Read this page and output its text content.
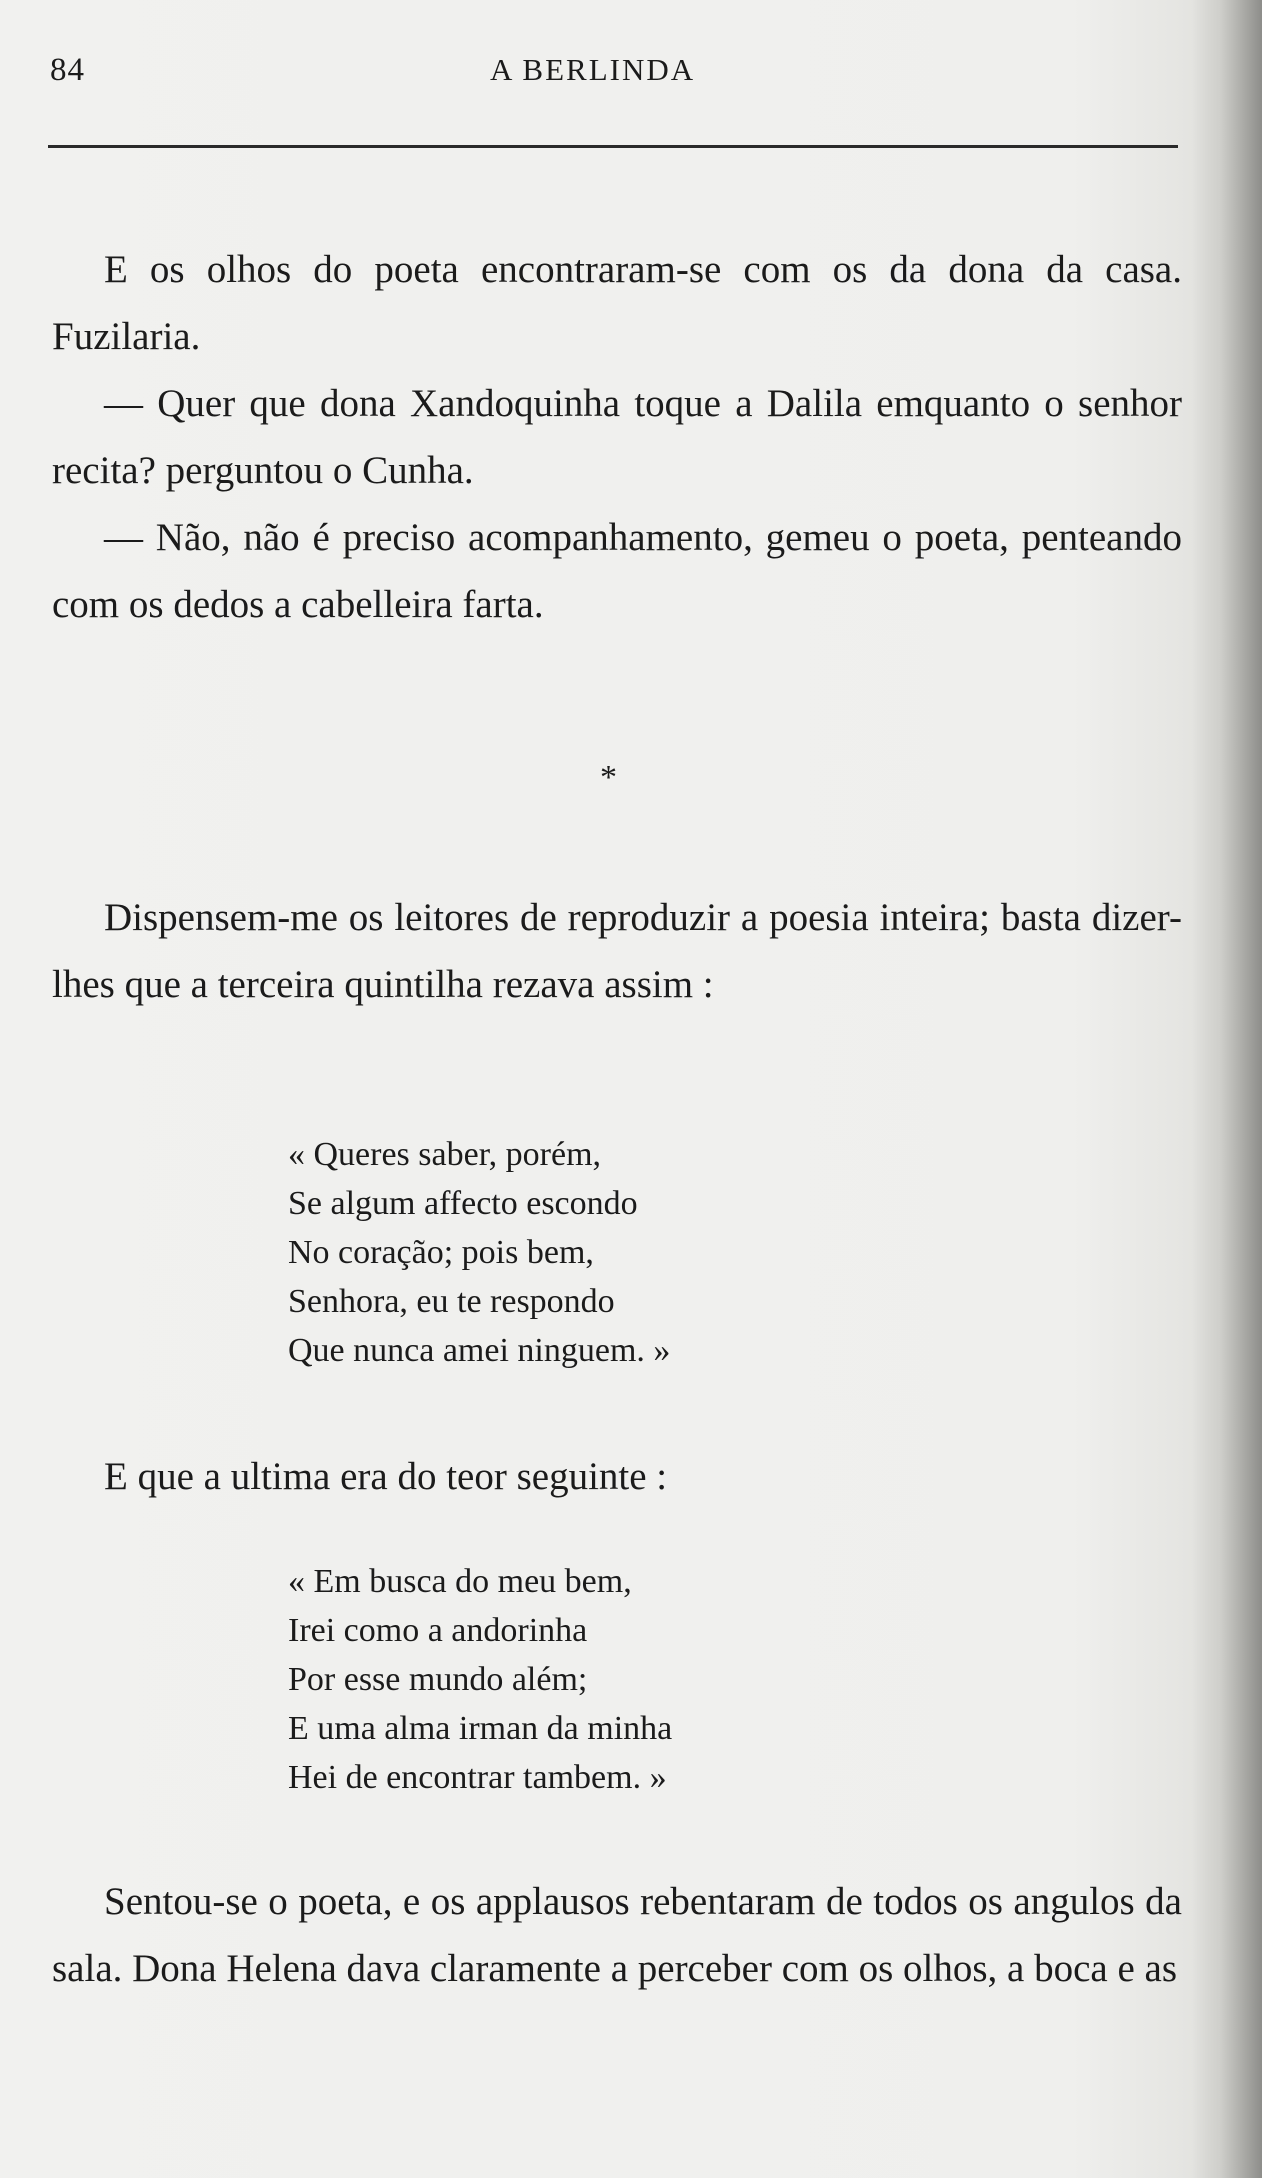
84	A BERLINDA

E os olhos do poeta encontraram-se com os da dona da casa. Fuzilaria.

— Quer que dona Xandoquinha toque a Dalila emquanto o senhor recita? perguntou o Cunha.

— Não, não é preciso acompanhamento, gemeu o poeta, penteando com os dedos a cabelleira farta.

*

Dispensem-me os leitores de reproduzir a poesia inteira; basta dizer-lhes que a terceira quintilha rezava assim :

« Queres saber, porém,
Se algum affecto escondo
No coração; pois bem,
Senhora, eu te respondo
Que nunca amei ninguem. »

E que a ultima era do teor seguinte :

« Em busca do meu bem,
Irei como a andorinha
Por esse mundo além;
E uma alma irman da minha
Hei de encontrar tambem. »

Sentou-se o poeta, e os applausos rebentaram de todos os angulos da sala. Dona Helena dava claramente a perceber com os olhos, a boca e as
